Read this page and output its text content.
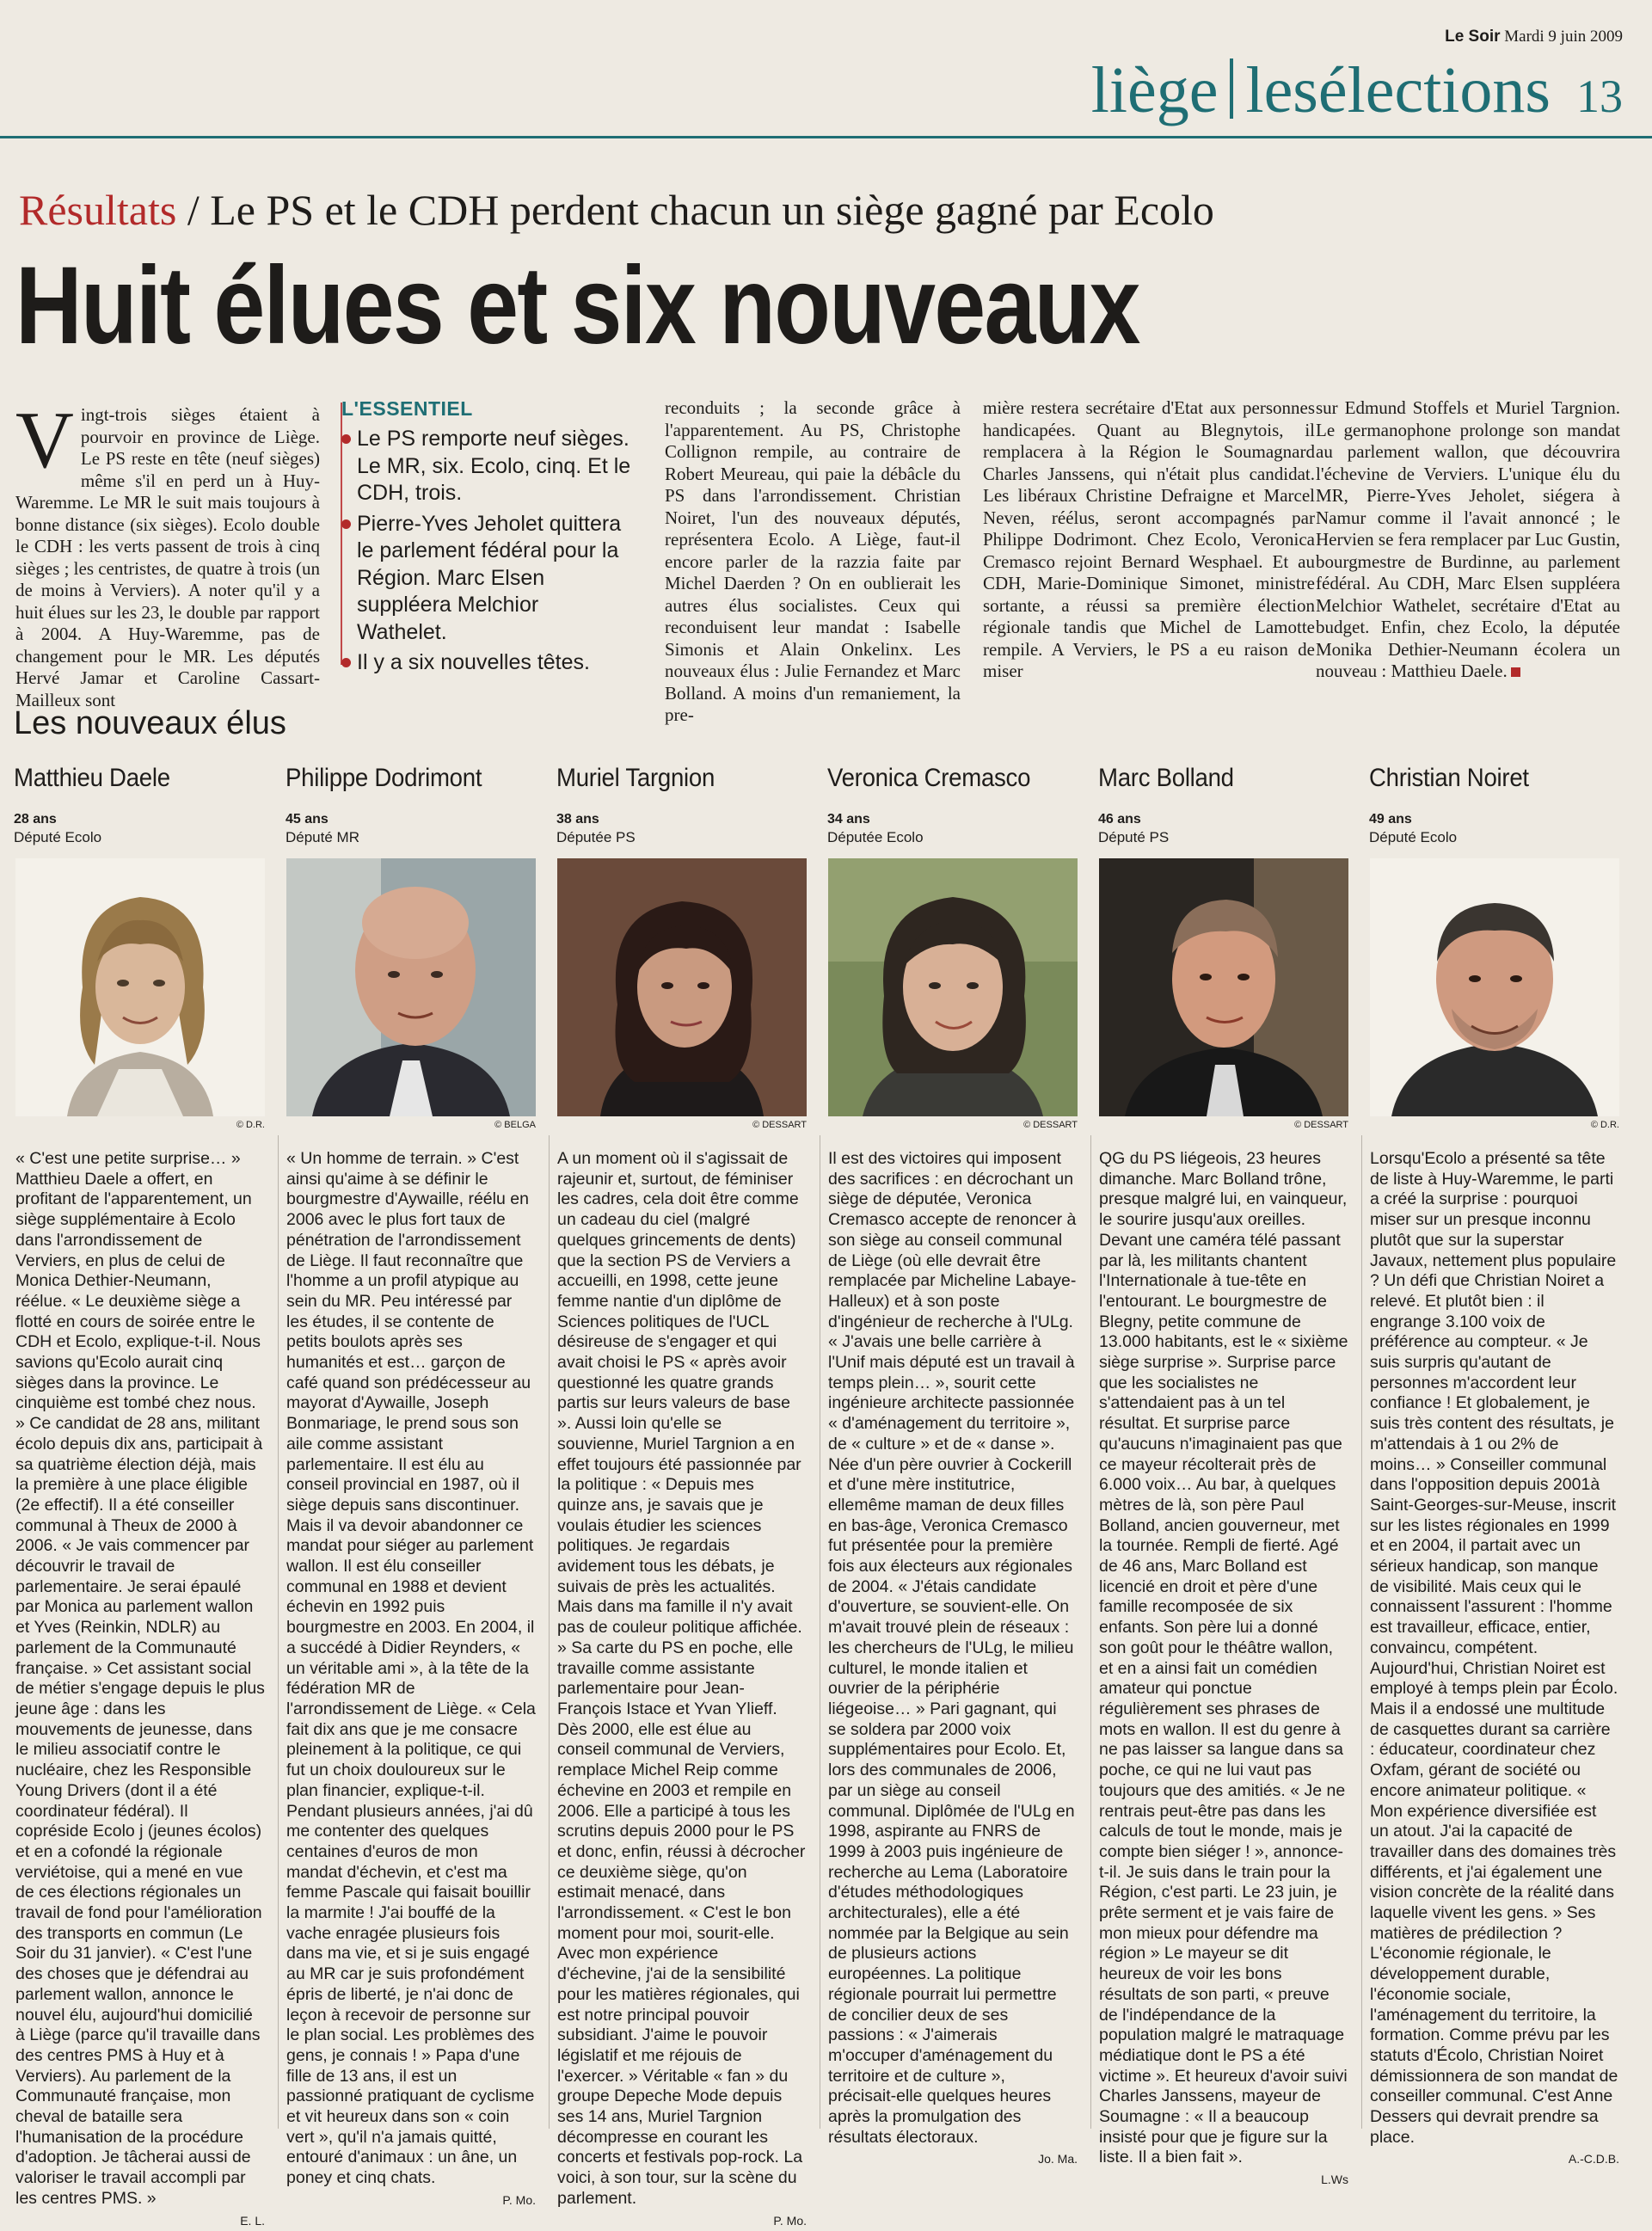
Le Soir Mardi 9 juin 2009
liège lesélections 13
Résultats / Le PS et le CDH perdent chacun un siège gagné par Ecolo
Huit élues et six nouveaux
Vingt-trois sièges étaient à pourvoir en province de Liège. Le PS reste en tête (neuf sièges) même s'il en perd un à Huy-Waremme. Le MR le suit mais toujours à bonne distance (six sièges). Ecolo double le CDH : les verts passent de trois à cinq sièges ; les centristes, de quatre à trois (un de moins à Verviers). A noter qu'il y a huit élues sur les 23, le double par rapport à 2004. A Huy-Waremme, pas de changement pour le MR. Les députés Hervé Jamar et Caroline Cassart-Mailleux sont
L'ESSENTIEL
Le PS remporte neuf sièges. Le MR, six. Ecolo, cinq. Et le CDH, trois.
Pierre-Yves Jeholet quittera le parlement fédéral pour la Région. Marc Elsen suppléera Melchior Wathelet.
Il y a six nouvelles têtes.
reconduits ; la seconde grâce à l'apparentement. Au PS, Christophe Collignon rempile, au contraire de Robert Meureau, qui paie la débâcle du PS dans l'arrondissement. Christian Noiret, l'un des nouveaux députés, représentera Ecolo. A Liège, faut-il encore parler de la razzia faite par Michel Daerden ? On en oublierait les autres élus socialistes. Ceux qui reconduisent leur mandat : Isabelle Simonis et Alain Onkelinx. Les nouveaux élus : Julie Fernandez et Marc Bolland. A moins d'un remaniement, la pre-
mière restera secrétaire d'Etat aux personnes handicapées. Quant au Blegnytois, il remplacera à la Région le Soumagnard Charles Janssens, qui n'était plus candidat. Les libéraux Christine Defraigne et Marcel Neven, réélus, seront accompagnés par Philippe Dodrimont. Chez Ecolo, Veronica Cremasco rejoint Bernard Wesphael. Et au CDH, Marie-Dominique Simonet, ministre sortante, a réussi sa première élection régionale tandis que Michel de Lamotte rempile. A Verviers, le PS a eu raison de miser
sur Edmund Stoffels et Muriel Targnion. Le germanophone prolonge son mandat au parlement wallon, que découvrira l'échevine de Verviers. L'unique élu du MR, Pierre-Yves Jeholet, siégera à Namur comme il l'avait annoncé ; le Hervien se fera remplacer par Luc Gustin, bourgmestre de Burdinne, au parlement fédéral. Au CDH, Marc Elsen suppléera Melchior Wathelet, secrétaire d'Etat au budget. Enfin, chez Ecolo, la députée Monika Dethier-Neumann écolera un nouveau : Matthieu Daele.
Les nouveaux élus
Matthieu Daele
28 ans
Député Ecolo
© D.R.
« C'est une petite surprise… » Matthieu Daele a offert, en profitant de l'apparentement, un siège supplémentaire à Ecolo dans l'arrondissement de Verviers, en plus de celui de Monica Dethier-Neumann, réélue. « Le deuxième siège a flotté en cours de soirée entre le CDH et Ecolo, explique-t-il. Nous savions qu'Ecolo aurait cinq sièges dans la province. Le cinquième est tombé chez nous. » Ce candidat de 28 ans, militant écolo depuis dix ans, participait à sa quatrième élection déjà, mais la première à une place éligible (2e effectif). Il a été conseiller communal à Theux de 2000 à 2006. « Je vais commencer par découvrir le travail de parlementaire. Je serai épaulé par Monica au parlement wallon et Yves (Reinkin, NDLR) au parlement de la Communauté française. » Cet assistant social de métier s'engage depuis le plus jeune âge : dans les mouvements de jeunesse, dans le milieu associatif contre le nucléaire, chez les Responsible Young Drivers (dont il a été coordinateur fédéral). Il copréside Ecolo j (jeunes écolos) et en a cofondé la régionale verviétoise, qui a mené en vue de ces élections régionales un travail de fond pour l'amélioration des transports en commun (Le Soir du 31 janvier). « C'est l'une des choses que je défendrai au parlement wallon, annonce le nouvel élu, aujourd'hui domicilié à Liège (parce qu'il travaille dans des centres PMS à Huy et à Verviers). Au parlement de la Communauté française, mon cheval de bataille sera l'humanisation de la procédure d'adoption. Je tâcherai aussi de valoriser le travail accompli par les centres PMS. »
E. L.
Philippe Dodrimont
45 ans
Député MR
© BELGA
« Un homme de terrain. » C'est ainsi qu'aime à se définir le bourgmestre d'Aywaille, réélu en 2006 avec le plus fort taux de pénétration de l'arrondissement de Liège. Il faut reconnaître que l'homme a un profil atypique au sein du MR. Peu intéressé par les études, il se contente de petits boulots après ses humanités et est… garçon de café quand son prédécesseur au mayorat d'Aywaille, Joseph Bonmariage, le prend sous son aile comme assistant parlementaire. Il est élu au conseil provincial en 1987, où il siège depuis sans discontinuer. Mais il va devoir abandonner ce mandat pour siéger au parlement wallon. Il est élu conseiller communal en 1988 et devient échevin en 1992 puis bourgmestre en 2003. En 2004, il a succédé à Didier Reynders, « un véritable ami », à la tête de la fédération MR de l'arrondissement de Liège. « Cela fait dix ans que je me consacre pleinement à la politique, ce qui fut un choix douloureux sur le plan financier, explique-t-il. Pendant plusieurs années, j'ai dû me contenter des quelques centaines d'euros de mon mandat d'échevin, et c'est ma femme Pascale qui faisait bouillir la marmite ! J'ai bouffé de la vache enragée plusieurs fois dans ma vie, et si je suis engagé au MR car je suis profondément épris de liberté, je n'ai donc de leçon à recevoir de personne sur le plan social. Les problèmes des gens, je connais ! » Papa d'une fille de 13 ans, il est un passionné pratiquant de cyclisme et vit heureux dans son « coin vert », qu'il n'a jamais quitté, entouré d'animaux : un âne, un poney et cinq chats.
P. Mo.
Muriel Targnion
38 ans
Députée PS
© DESSART
A un moment où il s'agissait de rajeunir et, surtout, de féminiser les cadres, cela doit être comme un cadeau du ciel (malgré quelques grincements de dents) que la section PS de Verviers a accueilli, en 1998, cette jeune femme nantie d'un diplôme de Sciences politiques de l'UCL désireuse de s'engager et qui avait choisi le PS « après avoir questionné les quatre grands partis sur leurs valeurs de base ». Aussi loin qu'elle se souvienne, Muriel Targnion a en effet toujours été passionnée par la politique : « Depuis mes quinze ans, je savais que je voulais étudier les sciences politiques. Je regardais avidement tous les débats, je suivais de près les actualités. Mais dans ma famille il n'y avait pas de couleur politique affichée. » Sa carte du PS en poche, elle travaille comme assistante parlementaire pour Jean-François Istace et Yvan Ylieff. Dès 2000, elle est élue au conseil communal de Verviers, remplace Michel Reip comme échevine en 2003 et rempile en 2006. Elle a participé à tous les scrutins depuis 2000 pour le PS et donc, enfin, réussi à décrocher ce deuxième siège, qu'on estimait menacé, dans l'arrondissement. « C'est le bon moment pour moi, sourit-elle. Avec mon expérience d'échevine, j'ai de la sensibilité pour les matières régionales, qui est notre principal pouvoir subsidiant. J'aime le pouvoir législatif et me réjouis de l'exercer. » Véritable « fan » du groupe Depeche Mode depuis ses 14 ans, Muriel Targnion décompresse en courant les concerts et festivals pop-rock. La voici, à son tour, sur la scène du parlement.
P. Mo.
Veronica Cremasco
34 ans
Députée Ecolo
© DESSART
Il est des victoires qui imposent des sacrifices : en décrochant un siège de députée, Veronica Cremasco accepte de renoncer à son siège au conseil communal de Liège (où elle devrait être remplacée par Micheline Labaye-Halleux) et à son poste d'ingénieur de recherche à l'ULg. « J'avais une belle carrière à l'Unif mais député est un travail à temps plein… », sourit cette ingénieure architecte passionnée « d'aménagement du territoire », de « culture » et de « danse ». Née d'un père ouvrier à Cockerill et d'une mère institutrice, ellemême maman de deux filles en bas-âge, Veronica Cremasco fut présentée pour la première fois aux électeurs aux régionales de 2004. « J'étais candidate d'ouverture, se souvient-elle. On m'avait trouvé plein de réseaux : les chercheurs de l'ULg, le milieu culturel, le monde italien et ouvrier de la périphérie liégeoise… » Pari gagnant, qui se soldera par 2000 voix supplémentaires pour Ecolo. Et, lors des communales de 2006, par un siège au conseil communal. Diplômée de l'ULg en 1998, aspirante au FNRS de 1999 à 2003 puis ingénieure de recherche au Lema (Laboratoire d'études méthodologiques architecturales), elle a été nommée par la Belgique au sein de plusieurs actions européennes. La politique régionale pourrait lui permettre de concilier deux de ses passions : « J'aimerais m'occuper d'aménagement du territoire et de culture », précisait-elle quelques heures après la promulgation des résultats électoraux.
Jo. Ma.
Marc Bolland
46 ans
Député PS
© DESSART
QG du PS liégeois, 23 heures dimanche. Marc Bolland trône, presque malgré lui, en vainqueur, le sourire jusqu'aux oreilles. Devant une caméra télé passant par là, les militants chantent l'Internationale à tue-tête en l'entourant. Le bourgmestre de Blegny, petite commune de 13.000 habitants, est le « sixième siège surprise ». Surprise parce que les socialistes ne s'attendaient pas à un tel résultat. Et surprise parce qu'aucuns n'imaginaient pas que ce mayeur récolterait près de 6.000 voix… Au bar, à quelques mètres de là, son père Paul Bolland, ancien gouverneur, met la tournée. Rempli de fierté. Agé de 46 ans, Marc Bolland est licencié en droit et père d'une famille recomposée de six enfants. Son père lui a donné son goût pour le théâtre wallon, et en a ainsi fait un comédien amateur qui ponctue régulièrement ses phrases de mots en wallon. Il est du genre à ne pas laisser sa langue dans sa poche, ce qui ne lui vaut pas toujours que des amitiés. « Je ne rentrais peut-être pas dans les calculs de tout le monde, mais je compte bien siéger ! », annonce-t-il. Je suis dans le train pour la Région, c'est parti. Le 23 juin, je prête serment et je vais faire de mon mieux pour défendre ma région » Le mayeur se dit heureux de voir les bons résultats de son parti, « preuve de l'indépendance de la population malgré le matraquage médiatique dont le PS a été victime ». Et heureux d'avoir suivi Charles Janssens, mayeur de Soumagne : « Il a beaucoup insisté pour que je figure sur la liste. Il a bien fait ».
L.Ws
Christian Noiret
49 ans
Député Ecolo
© D.R.
Lorsqu'Ecolo a présenté sa tête de liste à Huy-Waremme, le parti a créé la surprise : pourquoi miser sur un presque inconnu plutôt que sur la superstar Javaux, nettement plus populaire ? Un défi que Christian Noiret a relevé. Et plutôt bien : il engrange 3.100 voix de préférence au compteur. « Je suis surpris qu'autant de personnes m'accordent leur confiance ! Et globalement, je suis très content des résultats, je m'attendais à 1 ou 2% de moins… » Conseiller communal dans l'opposition depuis 2001à Saint-Georges-sur-Meuse, inscrit sur les listes régionales en 1999 et en 2004, il partait avec un sérieux handicap, son manque de visibilité. Mais ceux qui le connaissent l'assurent : l'homme est travailleur, efficace, entier, convaincu, compétent. Aujourd'hui, Christian Noiret est employé à temps plein par Écolo. Mais il a endossé une multitude de casquettes durant sa carrière : éducateur, coordinateur chez Oxfam, gérant de société ou encore animateur politique. « Mon expérience diversifiée est un atout. J'ai la capacité de travailler dans des domaines très différents, et j'ai également une vision concrète de la réalité dans laquelle vivent les gens. » Ses matières de prédilection ? L'économie régionale, le développement durable, l'économie sociale, l'aménagement du territoire, la formation. Comme prévu par les statuts d'Écolo, Christian Noiret démissionnera de son mandat de conseiller communal. C'est Anne Dessers qui devrait prendre sa place.
A.-C.D.B.
